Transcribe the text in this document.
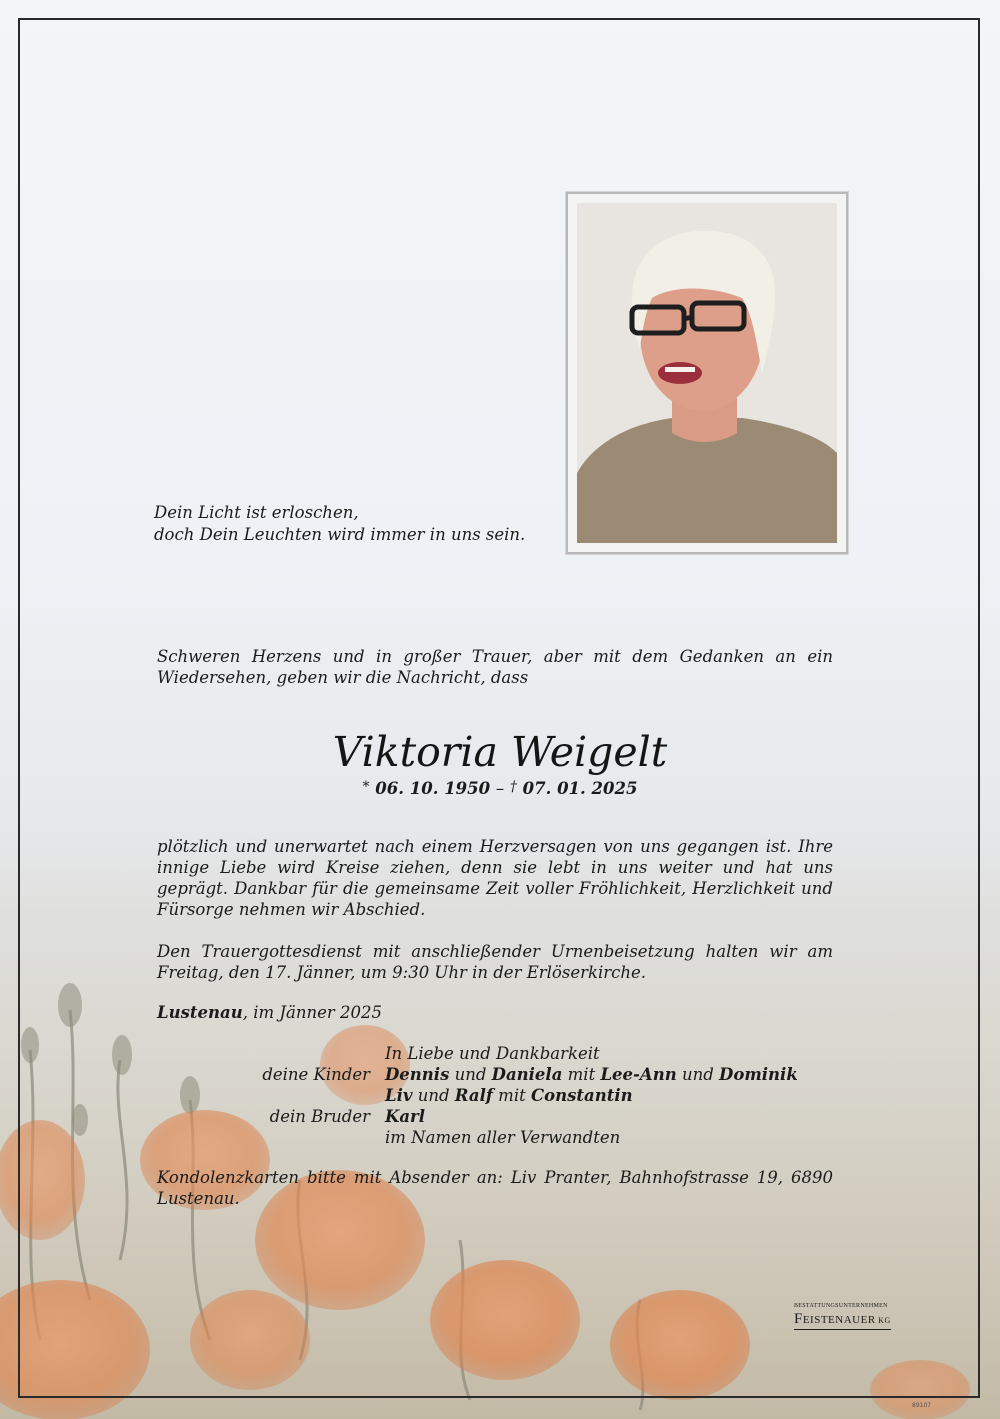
Dein Licht ist erloschen,
doch Dein Leuchten wird immer in uns sein.
Schweren Herzens und in großer Trauer, aber mit dem Gedanken an ein Wiedersehen, geben wir die Nachricht, dass
Viktoria Weigelt
* 06. 10. 1950 – † 07. 01. 2025
plötzlich und unerwartet nach einem Herzversagen von uns gegangen ist. Ihre innige Liebe wird Kreise ziehen, denn sie lebt in uns weiter und hat uns geprägt. Dankbar für die gemeinsame Zeit voller Fröhlichkeit, Herzlichkeit und Fürsorge nehmen wir Abschied.
Den Trauergottesdienst mit anschließender Urnenbeisetzung halten wir am Freitag, den 17. Jänner, um 9:30 Uhr in der Erlöserkirche.
Lustenau, im Jänner 2025
In Liebe und Dankbarkeit
deine Kinder Dennis und Daniela mit Lee-Ann und Dominik
Liv und Ralf mit Constantin
dein Bruder Karl
im Namen aller Verwandten
Kondolenzkarten bitte mit Absender an: Liv Pranter, Bahnhofstrasse 19, 6890 Lustenau.
BESTATTUNGSUNTERNEHMEN
Feistenauer KG
89107
